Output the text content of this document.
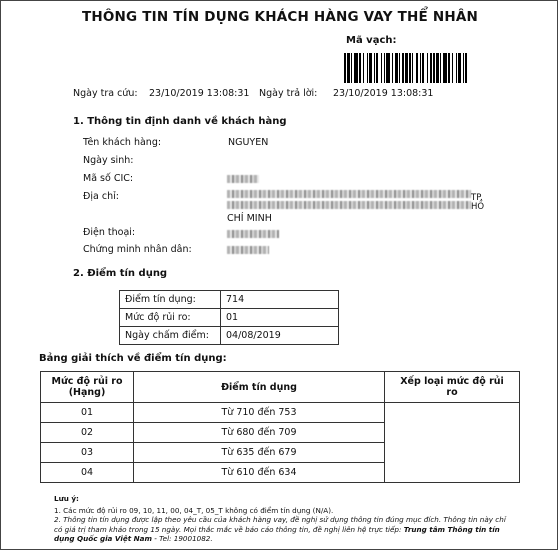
THÔNG TIN TÍN DỤNG KHÁCH HÀNG VAY THỂ NHÂN
Mã vạch:
Ngày tra cứu: 23/10/2019 13:08:31 Ngày trả lời: 23/10/2019 13:08:31
1. Thông tin định danh về khách hàng
Tên khách hàng:	NGUYEN
Ngày sinh:
Mã số CIC:
Địa chỉ:	TP. HỒ
CHÍ MINH
Điện thoại:
Chứng minh nhân dân:
2. Điểm tín dụng
Điểm tín dụng:	714
Mức độ rủi ro:	01
Ngày chấm điểm:	04/08/2019
Bảng giải thích về điểm tín dụng:
Mức độ rủi ro (Hạng)	Điểm tín dụng	Xếp loại mức độ rủi ro
01	Từ 710 đến 753	
02	Từ 680 đến 709	
03	Từ 635 đến 679	
04	Từ 610 đến 634	
Lưu ý:
1. Các mức độ rủi ro 09, 10, 11, 00, 04_T, 05_T không có điểm tín dụng (N/A).
2. Thông tin tín dụng được lập theo yêu cầu của khách hàng vay, đề nghị sử dụng thông tin đúng mục đích. Thông tin này chỉ có giá trị tham khảo trong 15 ngày. Mọi thắc mắc về báo cáo thông tin, đề nghị liên hệ trực tiếp: Trung tâm Thông tin tín dụng Quốc gia Việt Nam - Tel: 19001082.
